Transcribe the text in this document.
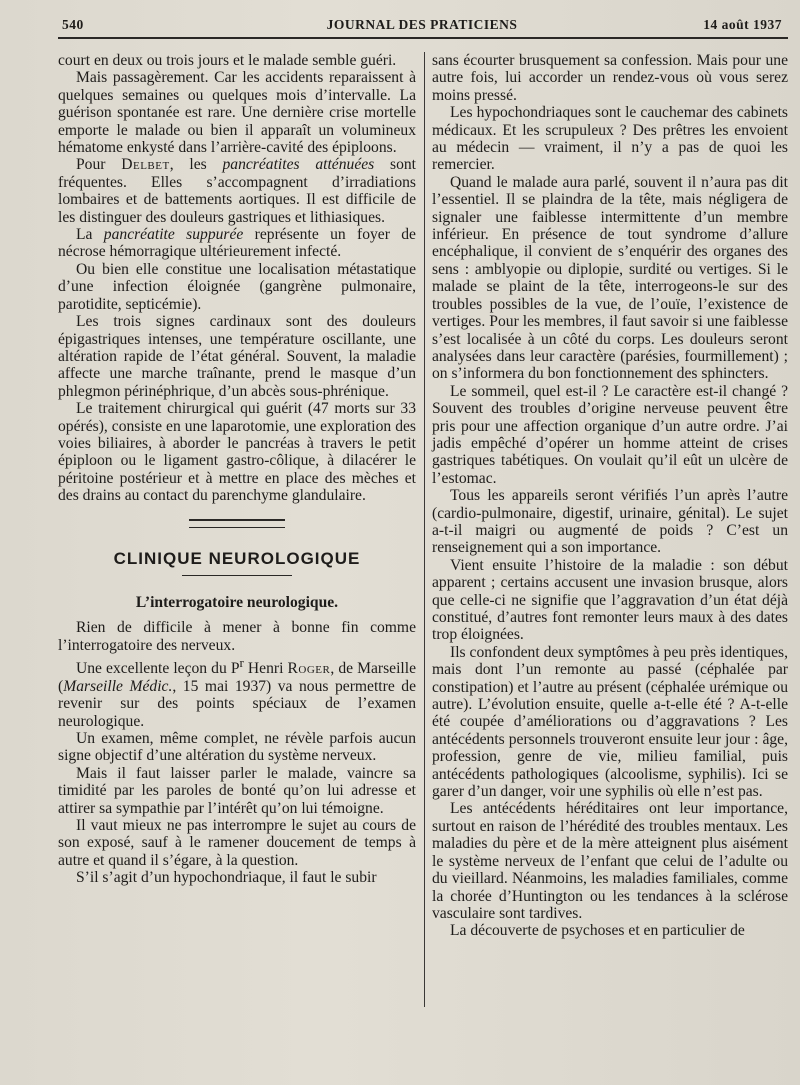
540	JOURNAL DES PRATICIENS	14 août 1937

court en deux ou trois jours et le malade semble guéri.

Mais passagèrement. Car les accidents reparaissent à quelques semaines ou quelques mois d’intervalle. La guérison spontanée est rare. Une dernière crise mortelle emporte le malade ou bien il apparaît un volumineux hématome enkysté dans l’arrière-cavité des épiploons.

Pour Delbet, les pancréatites atténuées sont fréquentes. Elles s’accompagnent d’irradiations lombaires et de battements aortiques. Il est difficile de les distinguer des douleurs gastriques et lithiasiques.

La pancréatite suppurée représente un foyer de nécrose hémorragique ultérieurement infecté.

Ou bien elle constitue une localisation métastatique d’une infection éloignée (gangrène pulmonaire, parotidite, septicémie).

Les trois signes cardinaux sont des douleurs épigastriques intenses, une température oscillante, une altération rapide de l’état général. Souvent, la maladie affecte une marche traînante, prend le masque d’un phlegmon périnéphrique, d’un abcès sous-phrénique.

Le traitement chirurgical qui guérit (47 morts sur 33 opérés), consiste en une laparotomie, une exploration des voies biliaires, à aborder le pancréas à travers le petit épiploon ou le ligament gastro-côlique, à dilacérer le péritoine postérieur et à mettre en place des mèches et des drains au contact du parenchyme glandulaire.

CLINIQUE NEUROLOGIQUE
L’interrogatoire neurologique.

Rien de difficile à mener à bonne fin comme l’interrogatoire des nerveux.

Une excellente leçon du $P^r$ Henri Roger, de Marseille (Marseille Médic., 15 mai 1937) va nous permettre de revenir sur des points spéciaux de l’examen neurologique.

Un examen, même complet, ne révèle parfois aucun signe objectif d’une altération du système nerveux.

Mais il faut laisser parler le malade, vaincre sa timidité par les paroles de bonté qu’on lui adresse et attirer sa sympathie par l’intérêt qu’on lui témoigne.

Il vaut mieux ne pas interrompre le sujet au cours de son exposé, sauf à le ramener doucement de temps à autre et quand il s’égare, à la question.

S’il s’agit d’un hypochondriaque, il faut le subir

sans écourter brusquement sa confession. Mais pour une autre fois, lui accorder un rendez-vous où vous serez moins pressé.

Les hypochondriaques sont le cauchemar des cabinets médicaux. Et les scrupuleux ? Des prêtres les envoient au médecin — vraiment, il n’y a pas de quoi les remercier.

Quand le malade aura parlé, souvent il n’aura pas dit l’essentiel. Il se plaindra de la tête, mais négligera de signaler une faiblesse intermittente d’un membre inférieur. En présence de tout syndrome d’allure encéphalique, il convient de s’enquérir des organes des sens : amblyopie ou diplopie, surdité ou vertiges. Si le malade se plaint de la tête, interrogeons-le sur des troubles possibles de la vue, de l’ouïe, l’existence de vertiges. Pour les membres, il faut savoir si une faiblesse s’est localisée à un côté du corps. Les douleurs seront analysées dans leur caractère (parésies, fourmillement) ; on s’informera du bon fonctionnement des sphincters.

Le sommeil, quel est-il ? Le caractère est-il changé ? Souvent des troubles d’origine nerveuse peuvent être pris pour une affection organique d’un autre ordre. J’ai jadis empêché d’opérer un homme atteint de crises gastriques tabétiques. On voulait qu’il eût un ulcère de l’estomac.

Tous les appareils seront vérifiés l’un après l’autre (cardio-pulmonaire, digestif, urinaire, génital). Le sujet a-t-il maigri ou augmenté de poids ? C’est un renseignement qui a son importance.

Vient ensuite l’histoire de la maladie : son début apparent ; certains accusent une invasion brusque, alors que celle-ci ne signifie que l’aggravation d’un état déjà constitué, d’autres font remonter leurs maux à des dates trop éloignées.

Ils confondent deux symptômes à peu près identiques, mais dont l’un remonte au passé (céphalée par constipation) et l’autre au présent (céphalée urémique ou autre). L’évolution ensuite, quelle a-t-elle été ? A-t-elle été coupée d’améliorations ou d’aggravations ? Les antécédents personnels trouveront ensuite leur jour : âge, profession, genre de vie, milieu familial, puis antécédents pathologiques (alcoolisme, syphilis). Ici se garer d’un danger, voir une syphilis où elle n’est pas.

Les antécédents héréditaires ont leur importance, surtout en raison de l’hérédité des troubles mentaux. Les maladies du père et de la mère atteignent plus aisément le système nerveux de l’enfant que celui de l’adulte ou du vieillard. Néanmoins, les maladies familiales, comme la chorée d’Huntington ou les tendances à la sclérose vasculaire sont tardives.

La découverte de psychoses et en particulier de
